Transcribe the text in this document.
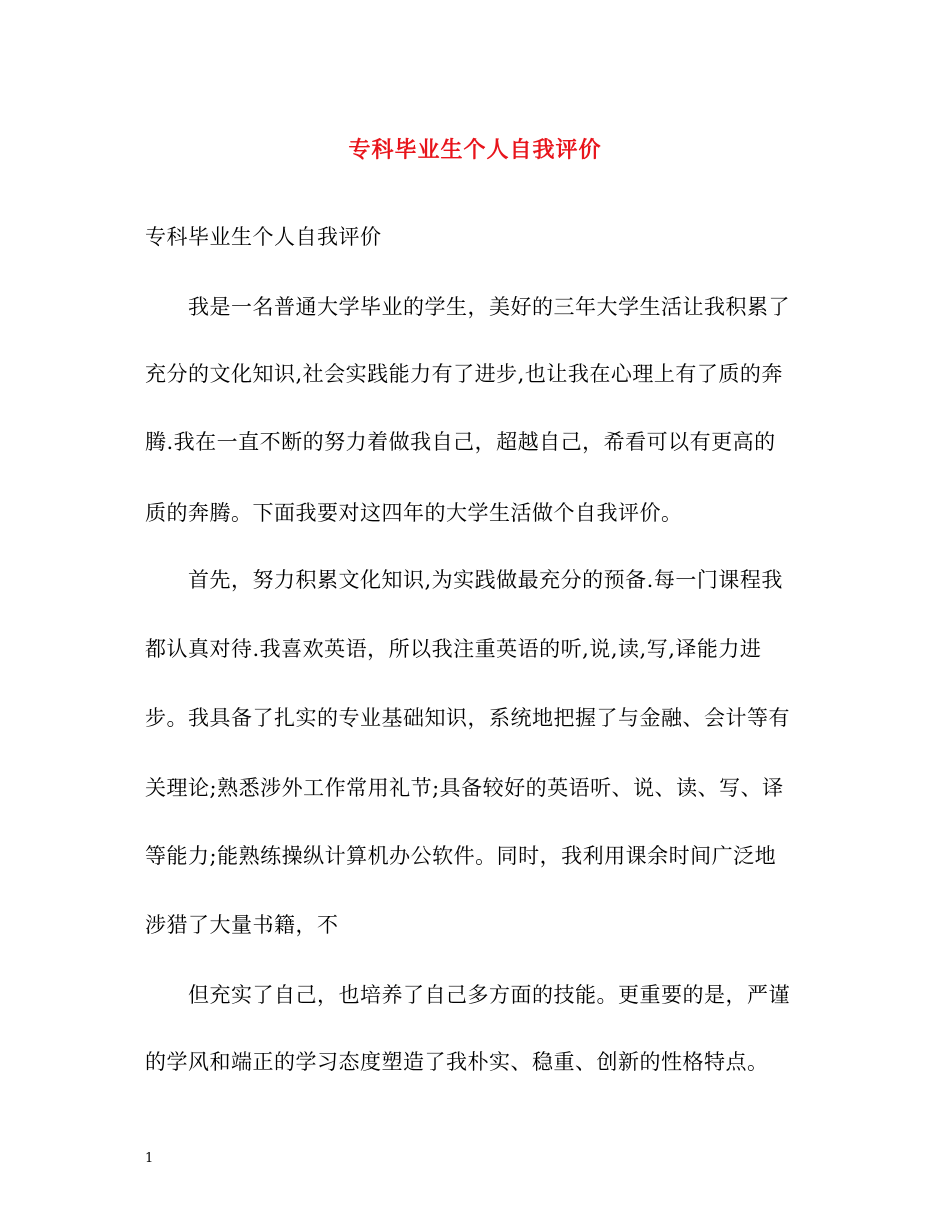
专科毕业生个人自我评价
专科毕业生个人自我评价
我是一名普通大学毕业的学生，美好的三年大学生活让我积累了
充分的文化知识,社会实践能力有了进步,也让我在心理上有了质的奔
腾.我在一直不断的努力着做我自己，超越自己，希看可以有更高的
质的奔腾。下面我要对这四年的大学生活做个自我评价。
首先，努力积累文化知识,为实践做最充分的预备.每一门课程我
都认真对待.我喜欢英语，所以我注重英语的听,说,读,写,译能力进
步。我具备了扎实的专业基础知识，系统地把握了与金融、会计等有
关理论;熟悉涉外工作常用礼节;具备较好的英语听、说、读、写、译
等能力;能熟练操纵计算机办公软件。同时，我利用课余时间广泛地
涉猎了大量书籍，不
但充实了自己，也培养了自己多方面的技能。更重要的是，严谨
的学风和端正的学习态度塑造了我朴实、稳重、创新的性格特点。
1
